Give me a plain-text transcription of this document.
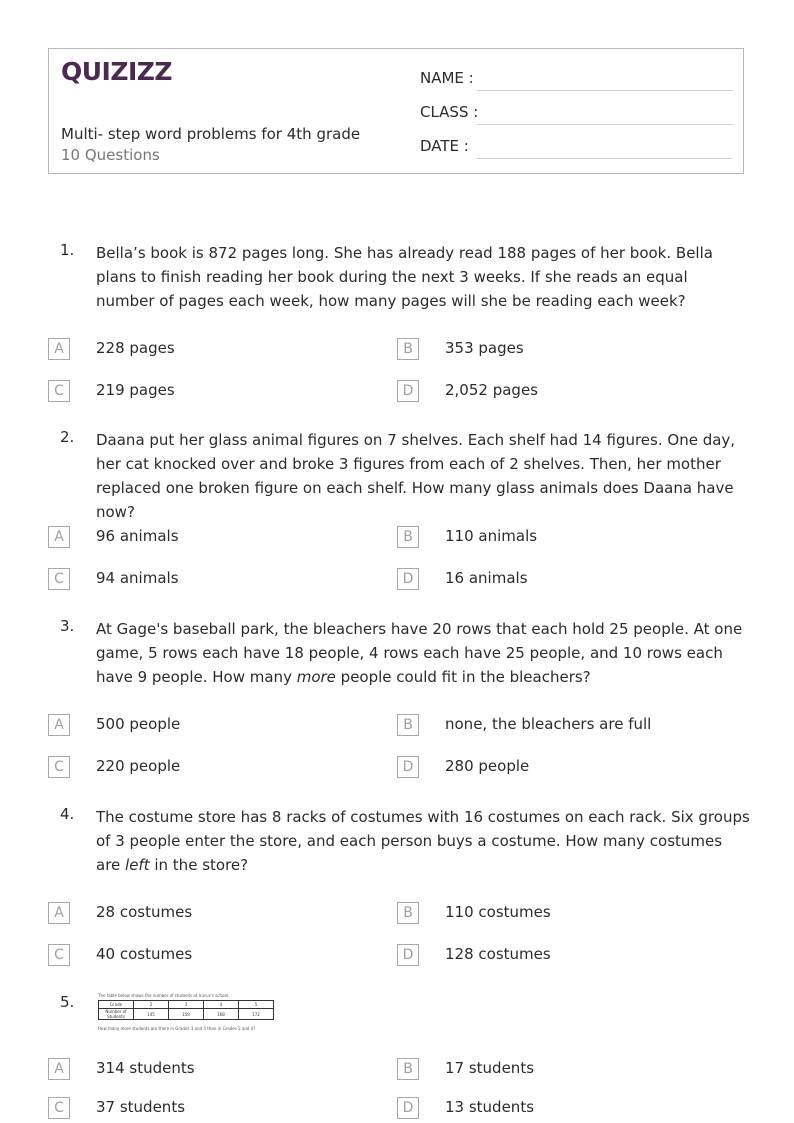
QUIZIZZ
Multi- step word problems for 4th grade
10 Questions
NAME :
CLASS :
DATE :
1. Bella’s book is 872 pages long. She has already read 188 pages of her book. Bella plans to finish reading her book during the next 3 weeks. If she reads an equal number of pages each week, how many pages will she be reading each week?

A	228 pages	B	353 pages
C	219 pages	D	2,052 pages
2. Daana put her glass animal figures on 7 shelves. Each shelf had 14 figures. One day, her cat knocked over and broke 3 figures from each of 2 shelves. Then, her mother replaced one broken figure on each shelf. How many glass animals does Daana have now?

A	96 animals	B	110 animals
C	94 animals	D	16 animals
3. At Gage's baseball park, the bleachers have 20 rows that each hold 25 people. At one game, 5 rows each have 18 people, 4 rows each have 25 people, and 10 rows each have 9 people. How many more people could fit in the bleachers?

A	500 people	B	none, the bleachers are full
C	220 people	D	280 people
4. The costume store has 8 racks of costumes with 16 costumes on each rack. Six groups of 3 people enter the store, and each person buys a costume. How many costumes are left in the store?

A	28 costumes	B	110 costumes
C	40 costumes	D	128 costumes
5.	The table below shows the number of students at Icarus's school.
Grade	2	3	4	5
Number of Students	145	159	168	172
How many more students are there in Grades 3 and 5 than in Grades 2 and 4?
A	314 students	B	17 students
C	37 students	D	13 students
